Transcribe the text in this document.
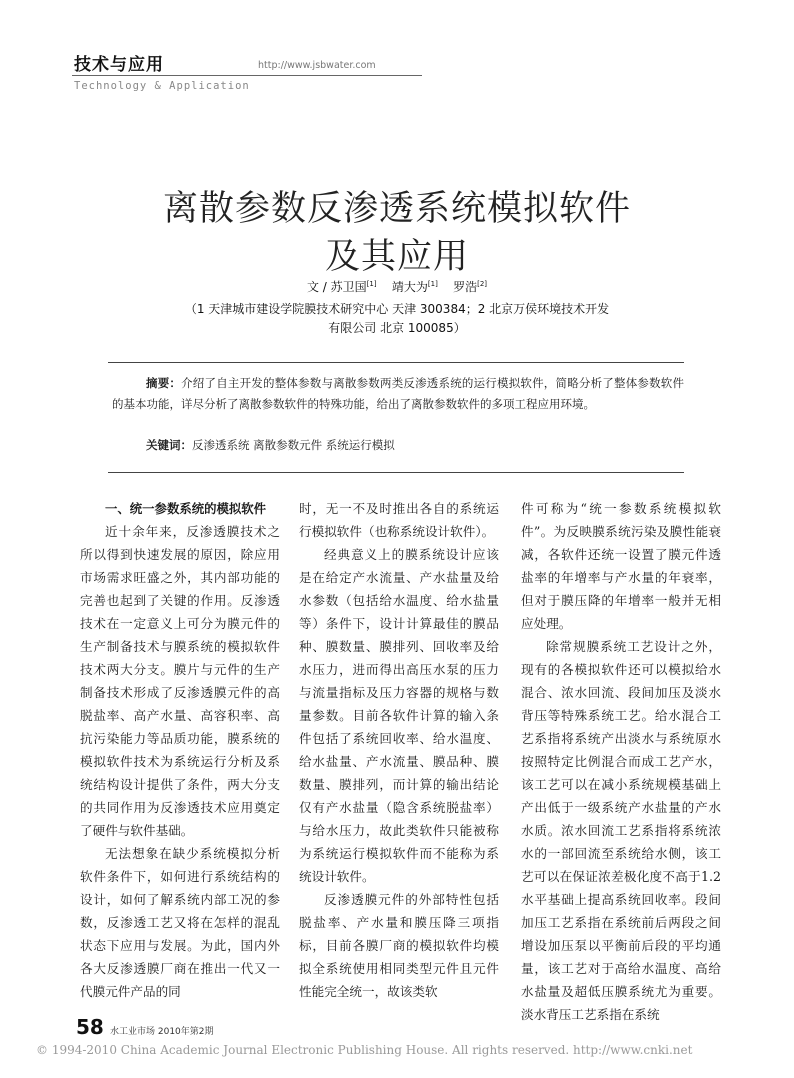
技术与应用	http://www.jsbwater.com
Technology & Application
离散参数反渗透系统模拟软件
及其应用
文 / 苏卫国[1] 靖大为[1] 罗浩[2]
（1 天津城市建设学院膜技术研究中心 天津 300384；2 北京万侯环境技术开发
有限公司 北京 100085）
摘要：介绍了自主开发的整体参数与离散参数两类反渗透系统的运行模拟软件，简略分析了整体参数软件的基本功能，详尽分析了离散参数软件的特殊功能，给出了离散参数软件的多项工程应用环境。
关键词：反渗透系统 离散参数元件 系统运行模拟

一、统一参数系统的模拟软件

近十余年来，反渗透膜技术之所以得到快速发展的原因，除应用市场需求旺盛之外，其内部功能的完善也起到了关键的作用。反渗透技术在一定意义上可分为膜元件的生产制备技术与膜系统的模拟软件技术两大分支。膜片与元件的生产制备技术形成了反渗透膜元件的高脱盐率、高产水量、高容积率、高抗污染能力等品质功能，膜系统的模拟软件技术为系统运行分析及系统结构设计提供了条件，两大分支的共同作用为反渗透技术应用奠定了硬件与软件基础。

无法想象在缺少系统模拟分析软件条件下，如何进行系统结构的设计，如何了解系统内部工况的参数，反渗透工艺又将在怎样的混乱状态下应用与发展。为此，国内外各大反渗透膜厂商在推出一代又一代膜元件产品的同

时，无一不及时推出各自的系统运行模拟软件（也称系统设计软件）。

经典意义上的膜系统设计应该是在给定产水流量、产水盐量及给水参数（包括给水温度、给水盐量等）条件下，设计计算最佳的膜品种、膜数量、膜排列、回收率及给水压力，进而得出高压水泵的压力与流量指标及压力容器的规格与数量参数。目前各软件计算的输入条件包括了系统回收率、给水温度、给水盐量、产水流量、膜品种、膜数量、膜排列，而计算的输出结论仅有产水盐量（隐含系统脱盐率）与给水压力，故此类软件只能被称为系统运行模拟软件而不能称为系统设计软件。

反渗透膜元件的外部特性包括脱盐率、产水量和膜压降三项指标，目前各膜厂商的模拟软件均模拟全系统使用相同类型元件且元件性能完全统一，故该类软

件可称为“统一参数系统模拟软件”。为反映膜系统污染及膜性能衰减，各软件还统一设置了膜元件透盐率的年增率与产水量的年衰率，但对于膜压降的年增率一般并无相应处理。

除常规膜系统工艺设计之外，现有的各模拟软件还可以模拟给水混合、浓水回流、段间加压及淡水背压等特殊系统工艺。给水混合工艺系指将系统产出淡水与系统原水按照特定比例混合而成工艺产水，该工艺可以在减小系统规模基础上产出低于一级系统产水盐量的产水水质。浓水回流工艺系指将系统浓水的一部回流至系统给水侧，该工艺可以在保证浓差极化度不高于1.2水平基础上提高系统回收率。段间加压工艺系指在系统前后两段之间增设加压泵以平衡前后段的平均通量，该工艺对于高给水温度、高给水盐量及超低压膜系统尤为重要。淡水背压工艺系指在系统

58 水工业市场 2010年第2期
© 1994-2010 China Academic Journal Electronic Publishing House. All rights reserved. http://www.cnki.net
